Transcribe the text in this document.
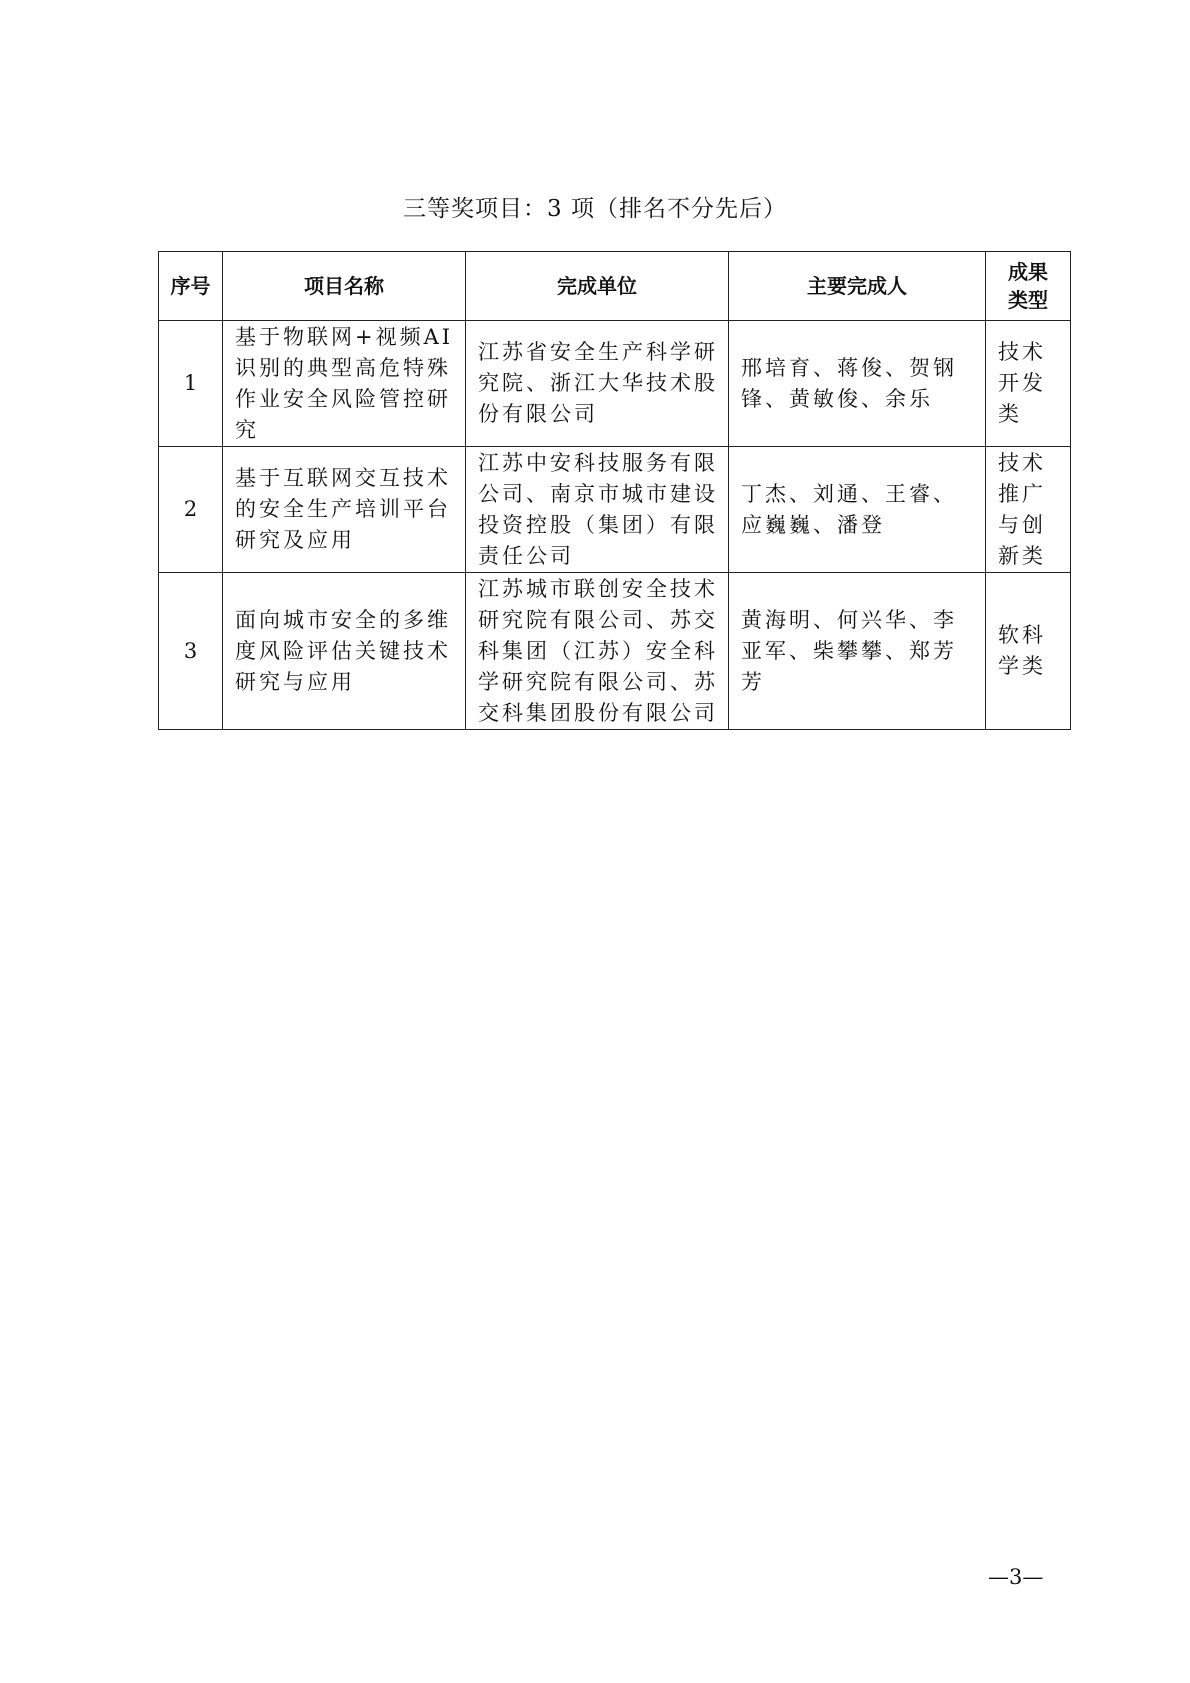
三等奖项目：3 项（排名不分先后）
序号	项目名称	完成单位	主要完成人	成果类型
1	基于物联网+视频AI识别的典型高危特殊作业安全风险管控研究	江苏省安全生产科学研究院、浙江大华技术股份有限公司	邢培育、蒋俊、贺钢锋、黄敏俊、余乐	技术开发类
2	基于互联网交互技术的安全生产培训平台研究及应用	江苏中安科技服务有限公司、南京市城市建设投资控股（集团）有限责任公司	丁杰、刘通、王睿、应巍巍、潘登	技术推广与创新类
3	面向城市安全的多维度风险评估关键技术研究与应用	江苏城市联创安全技术研究院有限公司、苏交科集团（江苏）安全科学研究院有限公司、苏交科集团股份有限公司	黄海明、何兴华、李亚军、柴攀攀、郑芳芳	软科学类
—3—
